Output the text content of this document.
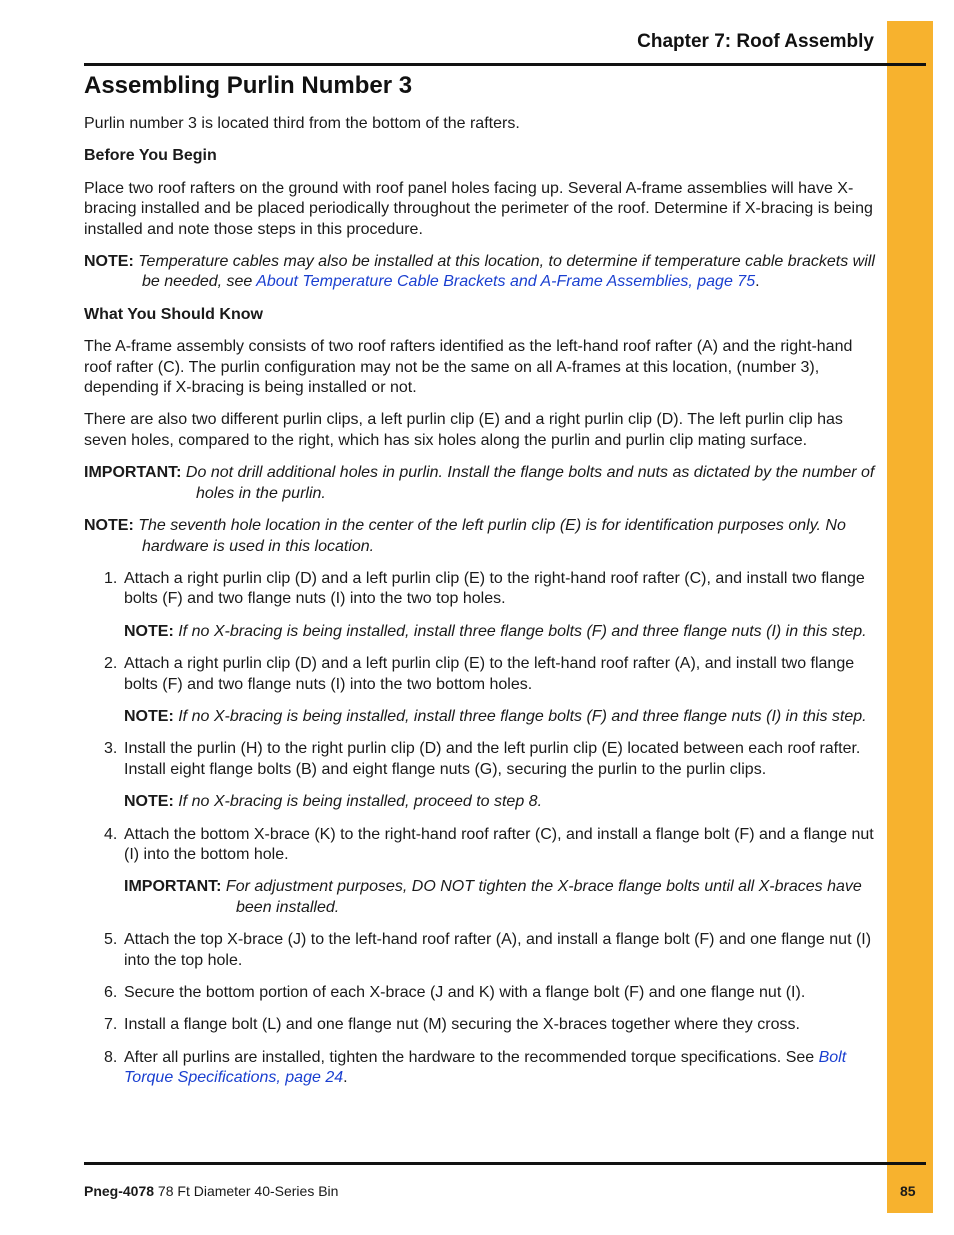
Chapter 7: Roof Assembly
Assembling Purlin Number 3

Purlin number 3 is located third from the bottom of the rafters.

Before You Begin

Place two roof rafters on the ground with roof panel holes facing up. Several A-frame assemblies will have X-bracing installed and be placed periodically throughout the perimeter of the roof. Determine if X-bracing is being installed and note those steps in this procedure.

NOTE: Temperature cables may also be installed at this location, to determine if temperature cable brackets will be needed, see About Temperature Cable Brackets and A-Frame Assemblies, page 75.
What You Should Know

The A-frame assembly consists of two roof rafters identified as the left-hand roof rafter (A) and the right-hand roof rafter (C). The purlin configuration may not be the same on all A-frames at this location, (number 3), depending if X-bracing is being installed or not.

There are also two different purlin clips, a left purlin clip (E) and a right purlin clip (D). The left purlin clip has seven holes, compared to the right, which has six holes along the purlin and purlin clip mating surface.

IMPORTANT: Do not drill additional holes in purlin. Install the flange bolts and nuts as dictated by the number of holes in the purlin.
NOTE: The seventh hole location in the center of the left purlin clip (E) is for identification purposes only. No hardware is used in this location.
1. Attach a right purlin clip (D) and a left purlin clip (E) to the right-hand roof rafter (C), and install two flange bolts (F) and two flange nuts (I) into the two top holes.
NOTE: If no X-bracing is being installed, install three flange bolts (F) and three flange nuts (I) in this step.
2. Attach a right purlin clip (D) and a left purlin clip (E) to the left-hand roof rafter (A), and install two flange bolts (F) and two flange nuts (I) into the two bottom holes.
NOTE: If no X-bracing is being installed, install three flange bolts (F) and three flange nuts (I) in this step.
3. Install the purlin (H) to the right purlin clip (D) and the left purlin clip (E) located between each roof rafter. Install eight flange bolts (B) and eight flange nuts (G), securing the purlin to the purlin clips.
NOTE: If no X-bracing is being installed, proceed to step 8.
4. Attach the bottom X-brace (K) to the right-hand roof rafter (C), and install a flange bolt (F) and a flange nut (I) into the bottom hole.
IMPORTANT: For adjustment purposes, DO NOT tighten the X-brace flange bolts until all X-braces have been installed.
5. Attach the top X-brace (J) to the left-hand roof rafter (A), and install a flange bolt (F) and one flange nut (I) into the top hole.
6. Secure the bottom portion of each X-brace (J and K) with a flange bolt (F) and one flange nut (I).
7. Install a flange bolt (L) and one flange nut (M) securing the X-braces together where they cross.
8. After all purlins are installed, tighten the hardware to the recommended torque specifications. See Bolt Torque Specifications, page 24.
Pneg-4078 78 Ft Diameter 40-Series Bin	85
